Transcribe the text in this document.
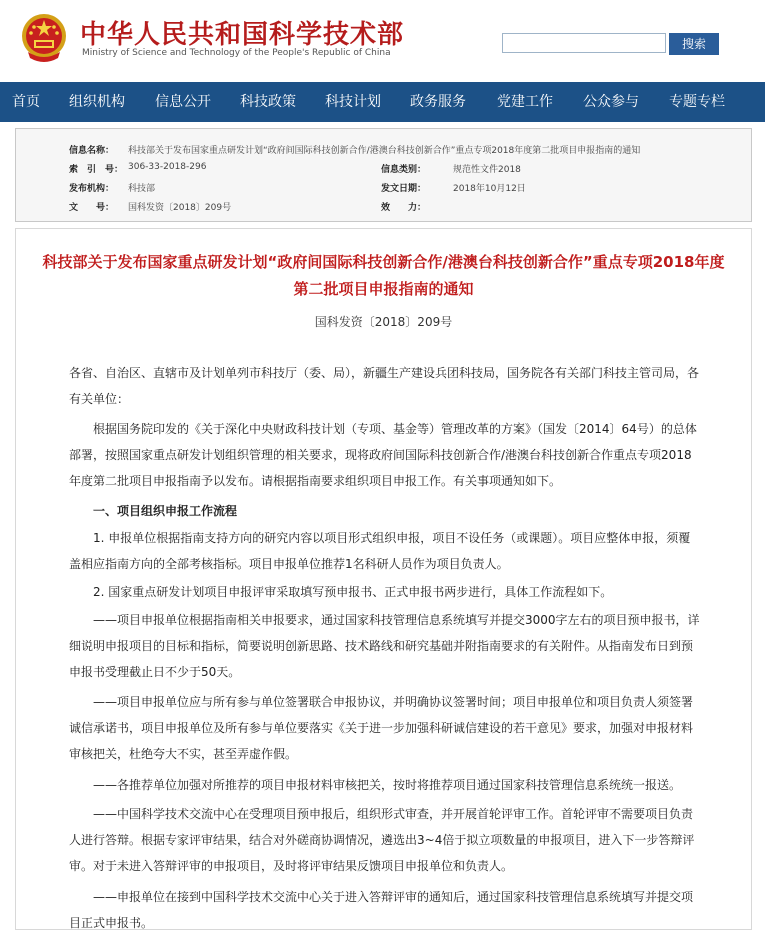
中华人民共和国科学技术部
Ministry of Science and Technology of the People's Republic of China
搜索
首页 组织机构 信息公开 科技政策 科技计划 政务服务 党建工作 公众参与 专题专栏
信息名称： 科技部关于发布国家重点研发计划“政府间国际科技创新合作/港澳台科技创新合作”重点专项2018年度第二批项目申报指南的通知
索　引　号： 306-33-2018-296	信息类别：	规范性文件2018
发布机构： 科技部	发文日期：	2018年10月12日
文　　号： 国科发资〔2018〕209号	效　　力：
科技部关于发布国家重点研发计划“政府间国际科技创新合作/港澳台科技创新合作”重点专项2018年度第二批项目申报指南的通知
国科发资〔2018〕209号
各省、自治区、直辖市及计划单列市科技厅（委、局），新疆生产建设兵团科技局，国务院各有关部门科技主管司局，各有关单位：
根据国务院印发的《关于深化中央财政科技计划（专项、基金等）管理改革的方案》（国发〔2014〕64号）的总体部署，按照国家重点研发计划组织管理的相关要求，现将政府间国际科技创新合作/港澳台科技创新合作重点专项2018年度第二批项目申报指南予以发布。请根据指南要求组织项目申报工作。有关事项通知如下。
一、项目组织申报工作流程
1. 申报单位根据指南支持方向的研究内容以项目形式组织申报，项目不设任务（或课题）。项目应整体申报，须覆盖相应指南方向的全部考核指标。项目申报单位推荐1名科研人员作为项目负责人。
2. 国家重点研发计划项目申报评审采取填写预申报书、正式申报书两步进行，具体工作流程如下。
——项目申报单位根据指南相关申报要求，通过国家科技管理信息系统填写并提交3000字左右的项目预申报书，详细说明申报项目的目标和指标，简要说明创新思路、技术路线和研究基础并附指南要求的有关附件。从指南发布日到预申报书受理截止日不少于50天。
——项目申报单位应与所有参与单位签署联合申报协议，并明确协议签署时间；项目申报单位和项目负责人须签署诚信承诺书，项目申报单位及所有参与单位要落实《关于进一步加强科研诚信建设的若干意见》要求，加强对申报材料审核把关，杜绝夸大不实，甚至弄虚作假。
——各推荐单位加强对所推荐的项目申报材料审核把关，按时将推荐项目通过国家科技管理信息系统统一报送。
——中国科学技术交流中心在受理项目预申报后，组织形式审查，并开展首轮评审工作。首轮评审不需要项目负责人进行答辩。根据专家评审结果，结合对外磋商协调情况，遴选出3~4倍于拟立项数量的申报项目，进入下一步答辩评审。对于未进入答辩评审的申报项目，及时将评审结果反馈项目申报单位和负责人。
——申报单位在接到中国科学技术交流中心关于进入答辩评审的通知后，通过国家科技管理信息系统填写并提交项目正式申报书。
